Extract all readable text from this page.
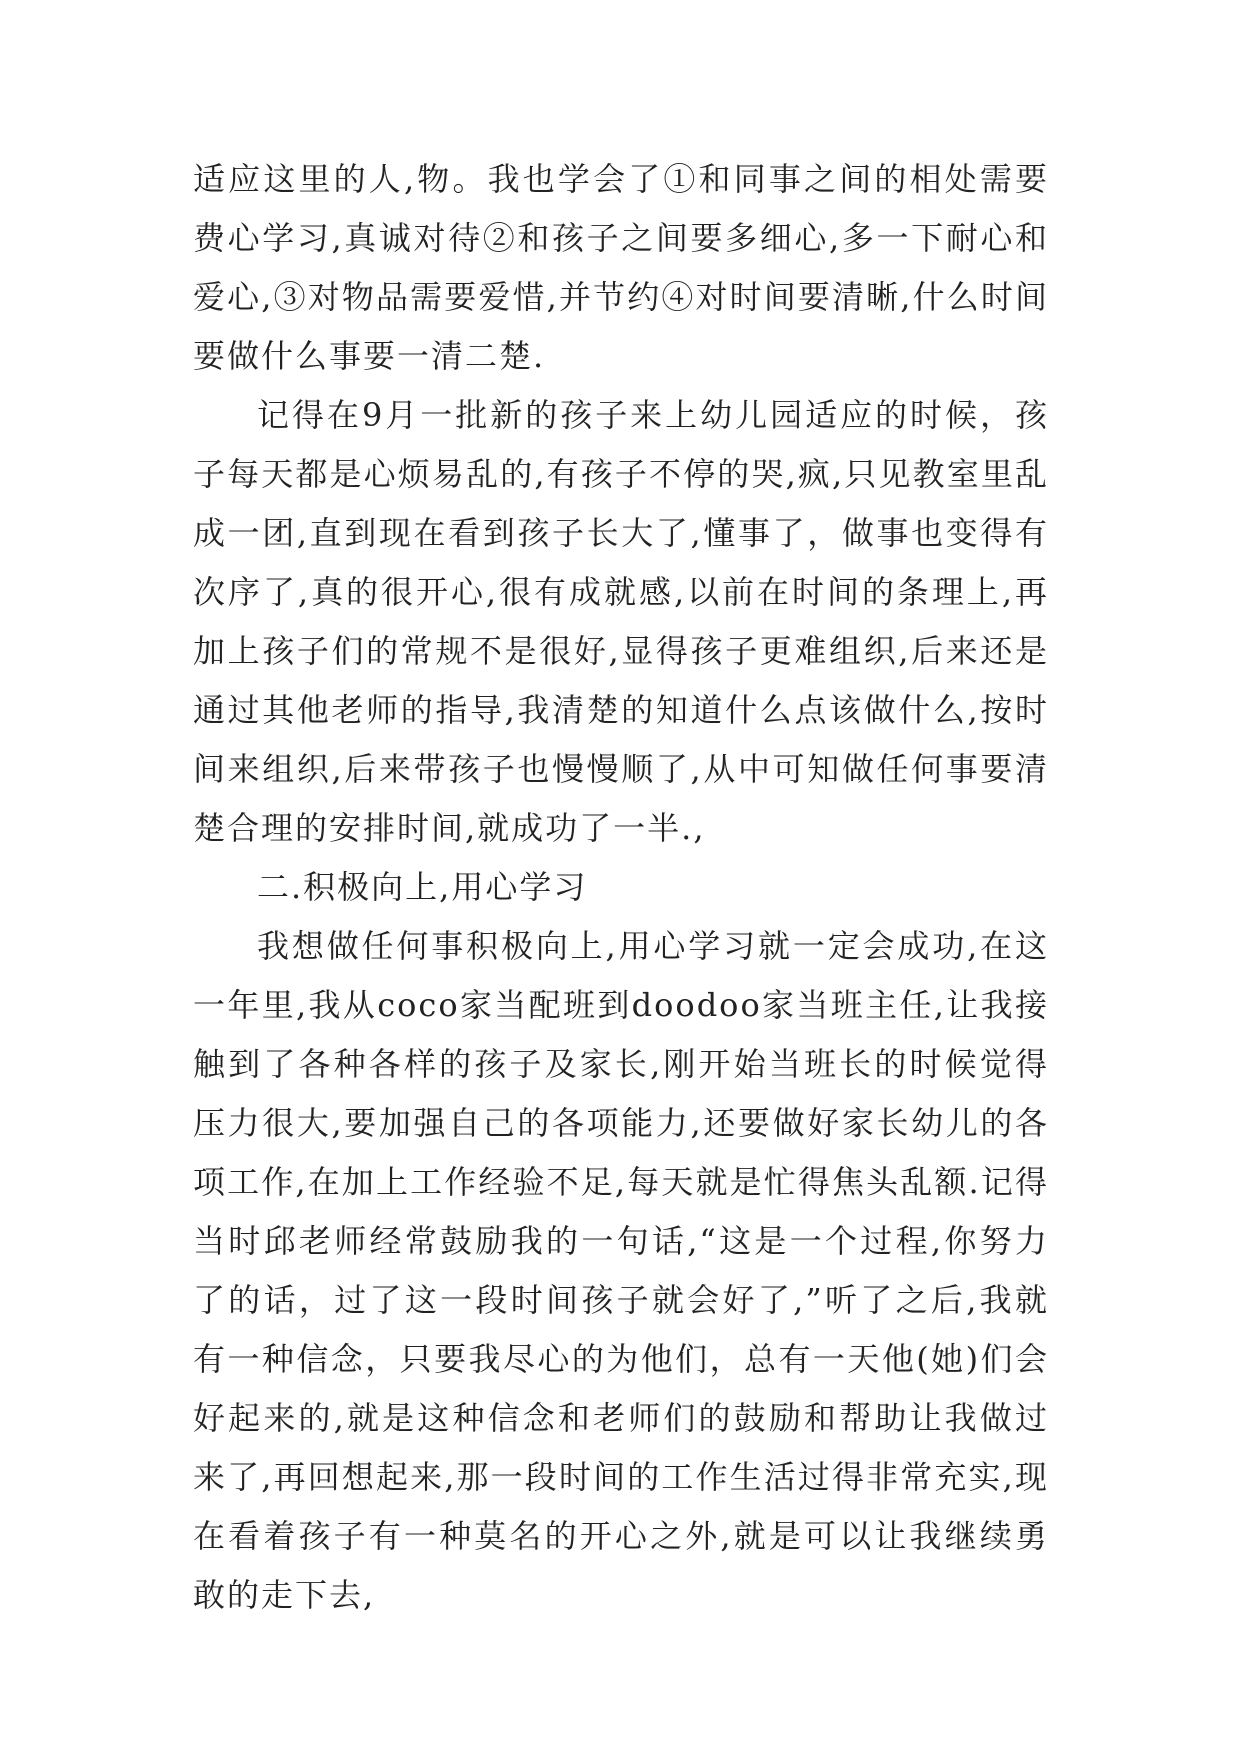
适应这里的人,物。我也学会了①和同事之间的相处需要费心学习,真诚对待②和孩子之间要多细心,多一下耐心和爱心,③对物品需要爱惜,并节约④对时间要清晰,什么时间要做什么事要一清二楚.

记得在9月一批新的孩子来上幼儿园适应的时候，孩子每天都是心烦易乱的,有孩子不停的哭,疯,只见教室里乱成一团,直到现在看到孩子长大了,懂事了，做事也变得有次序了,真的很开心,很有成就感,以前在时间的条理上,再加上孩子们的常规不是很好,显得孩子更难组织,后来还是通过其他老师的指导,我清楚的知道什么点该做什么,按时间来组织,后来带孩子也慢慢顺了,从中可知做任何事要清楚合理的安排时间,就成功了一半.,

二.积极向上,用心学习

我想做任何事积极向上,用心学习就一定会成功,在这一年里,我从coco家当配班到doodoo家当班主任,让我接触到了各种各样的孩子及家长,刚开始当班长的时候觉得压力很大,要加强自己的各项能力,还要做好家长幼儿的各项工作,在加上工作经验不足,每天就是忙得焦头乱额.记得当时邱老师经常鼓励我的一句话,“这是一个过程,你努力了的话，过了这一段时间孩子就会好了,”听了之后,我就有一种信念，只要我尽心的为他们，总有一天他(她)们会好起来的,就是这种信念和老师们的鼓励和帮助让我做过来了,再回想起来,那一段时间的工作生活过得非常充实,现在看着孩子有一种莫名的开心之外,就是可以让我继续勇敢的走下去,
